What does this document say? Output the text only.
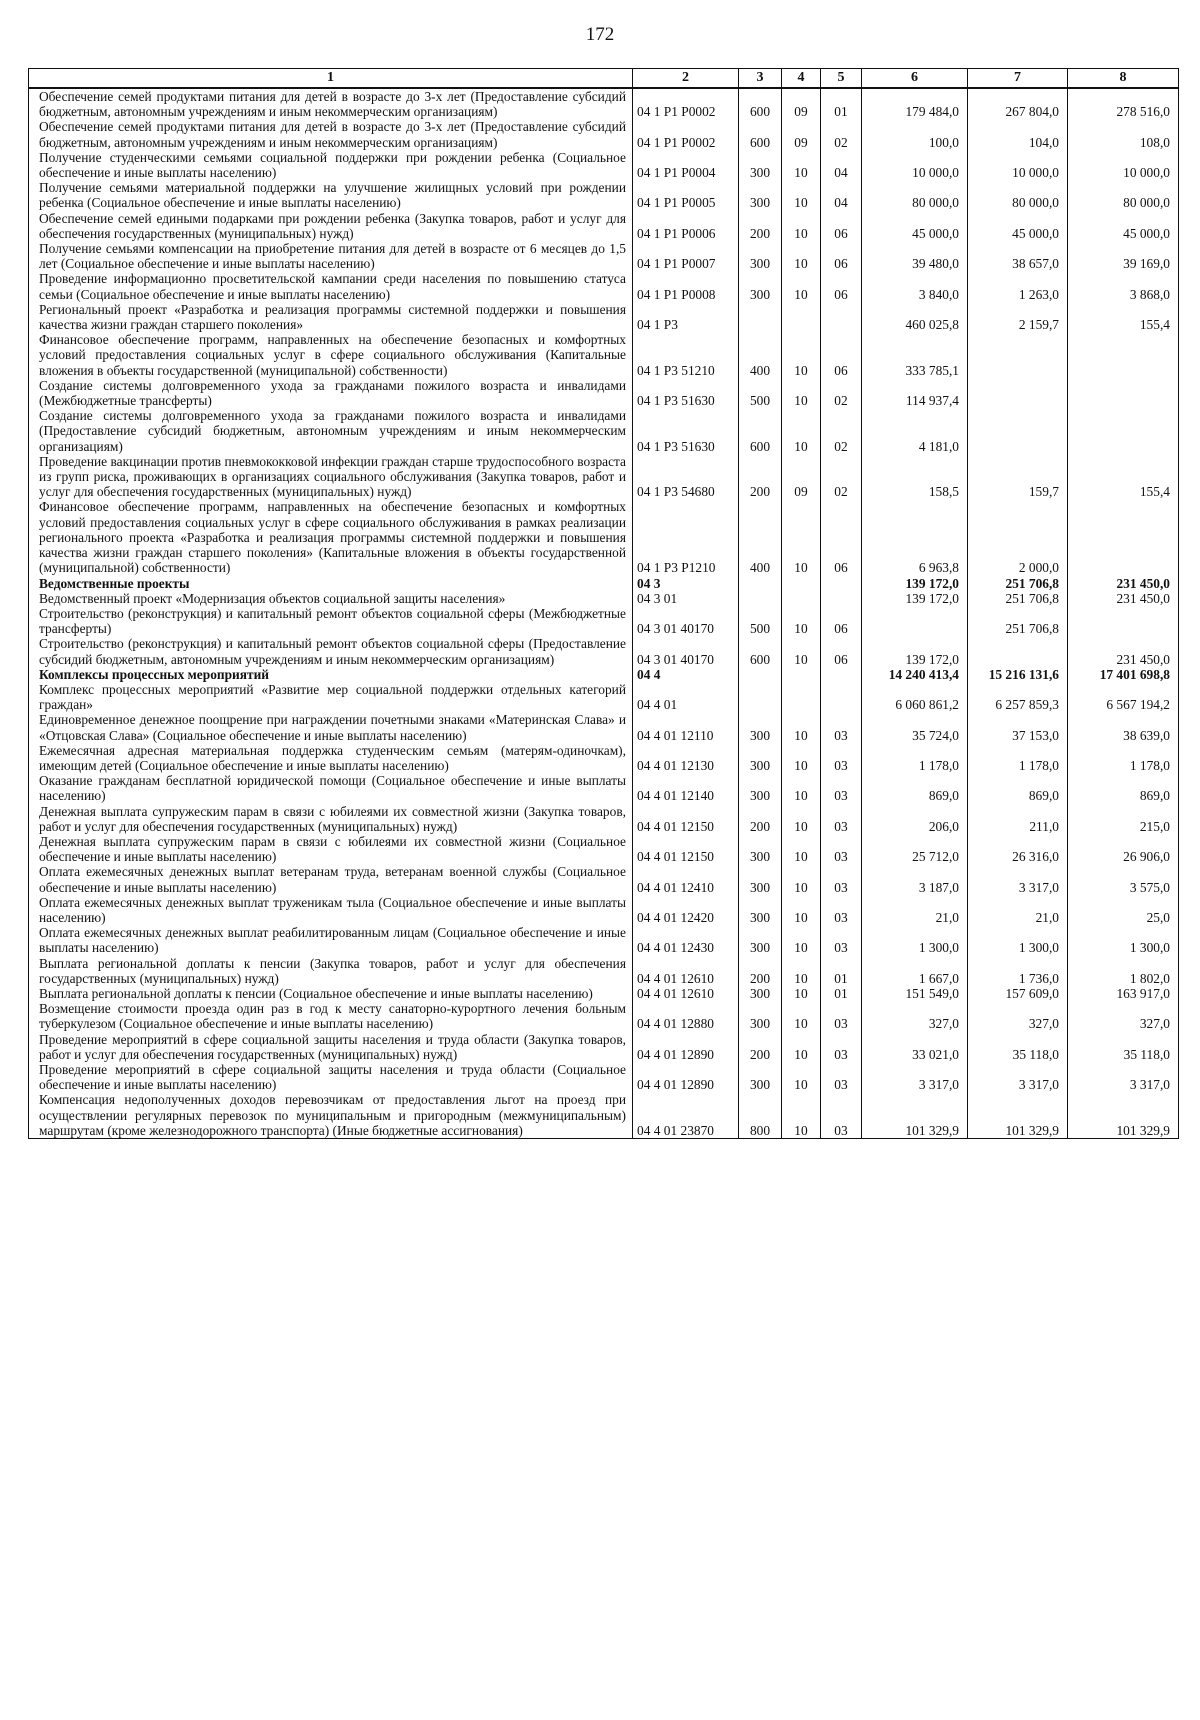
172
1	2	3	4	5	6	7	8
Обеспечение семей продуктами питания для детей в возрасте до 3-х лет (Предоставление субсидий бюджетным, автономным учреждениям и иным некоммерческим организациям)	04 1 Р1 Р0002	600	09	01	179 484,0	267 804,0	278 516,0
Обеспечение семей продуктами питания для детей в возрасте до 3-х лет (Предоставление субсидий бюджетным, автономным учреждениям и иным некоммерческим организациям)	04 1 Р1 Р0002	600	09	02	100,0	104,0	108,0
Получение студенческими семьями социальной поддержки при рождении ребенка (Социальное обеспечение и иные выплаты населению)	04 1 Р1 Р0004	300	10	04	10 000,0	10 000,0	10 000,0
Получение семьями материальной поддержки на улучшение жилищных условий при рождении ребенка (Социальное обеспечение и иные выплаты населению)	04 1 Р1 Р0005	300	10	04	80 000,0	80 000,0	80 000,0
Обеспечение семей едиными подарками при рождении ребенка (Закупка товаров, работ и услуг для обеспечения государственных (муниципальных) нужд)	04 1 Р1 Р0006	200	10	06	45 000,0	45 000,0	45 000,0
Получение семьями компенсации на приобретение питания для детей в возрасте от 6 месяцев до 1,5 лет (Социальное обеспечение и иные выплаты населению)	04 1 Р1 Р0007	300	10	06	39 480,0	38 657,0	39 169,0
Проведение информационно просветительской кампании среди населения по повышению статуса семьи (Социальное обеспечение и иные выплаты населению)	04 1 Р1 Р0008	300	10	06	3 840,0	1 263,0	3 868,0
Региональный проект «Разработка и реализация программы системной поддержки и повышения качества жизни граждан старшего поколения»	04 1 Р3				460 025,8	2 159,7	155,4
Финансовое обеспечение программ, направленных на обеспечение безопасных и комфортных условий предоставления социальных услуг в сфере социального обслуживания (Капитальные вложения в объекты государственной (муниципальной) собственности)	04 1 Р3 51210	400	10	06	333 785,1		
Создание системы долговременного ухода за гражданами пожилого возраста и инвалидами (Межбюджетные трансферты)	04 1 Р3 51630	500	10	02	114 937,4		
Создание системы долговременного ухода за гражданами пожилого возраста и инвалидами (Предоставление субсидий бюджетным, автономным учреждениям и иным некоммерческим организациям)	04 1 Р3 51630	600	10	02	4 181,0		
Проведение вакцинации против пневмококковой инфекции граждан старше трудоспособного возраста из групп риска, проживающих в организациях социального обслуживания (Закупка товаров, работ и услуг для обеспечения государственных (муниципальных) нужд)	04 1 Р3 54680	200	09	02	158,5	159,7	155,4
Финансовое обеспечение программ, направленных на обеспечение безопасных и комфортных условий предоставления социальных услуг в сфере социального обслуживания в рамках реализации регионального проекта «Разработка и реализация программы системной поддержки и повышения качества жизни граждан старшего поколения» (Капитальные вложения в объекты государственной (муниципальной) собственности)	04 1 Р3 Р1210	400	10	06	6 963,8	2 000,0	
Ведомственные проекты	04 3				139 172,0	251 706,8	231 450,0
Ведомственный проект «Модернизация объектов социальной защиты населения»	04 3 01				139 172,0	251 706,8	231 450,0
Строительство (реконструкция) и капитальный ремонт объектов социальной сферы (Межбюджетные трансферты)	04 3 01 40170	500	10	06		251 706,8	
Строительство (реконструкция) и капитальный ремонт объектов социальной сферы (Предоставление субсидий бюджетным, автономным учреждениям и иным некоммерческим организациям)	04 3 01 40170	600	10	06	139 172,0		231 450,0
Комплексы процессных мероприятий	04 4				14 240 413,4	15 216 131,6	17 401 698,8
Комплекс процессных мероприятий «Развитие мер социальной поддержки отдельных категорий граждан»	04 4 01				6 060 861,2	6 257 859,3	6 567 194,2
Единовременное денежное поощрение при награждении почетными знаками «Материнская Слава» и «Отцовская Слава» (Социальное обеспечение и иные выплаты населению)	04 4 01 12110	300	10	03	35 724,0	37 153,0	38 639,0
Ежемесячная адресная материальная поддержка студенческим семьям (матерям-одиночкам), имеющим детей (Социальное обеспечение и иные выплаты населению)	04 4 01 12130	300	10	03	1 178,0	1 178,0	1 178,0
Оказание гражданам бесплатной юридической помощи (Социальное обеспечение и иные выплаты населению)	04 4 01 12140	300	10	03	869,0	869,0	869,0
Денежная выплата супружеским парам в связи с юбилеями их совместной жизни (Закупка товаров, работ и услуг для обеспечения государственных (муниципальных) нужд)	04 4 01 12150	200	10	03	206,0	211,0	215,0
Денежная выплата супружеским парам в связи с юбилеями их совместной жизни (Социальное обеспечение и иные выплаты населению)	04 4 01 12150	300	10	03	25 712,0	26 316,0	26 906,0
Оплата ежемесячных денежных выплат ветеранам труда, ветеранам военной службы (Социальное обеспечение и иные выплаты населению)	04 4 01 12410	300	10	03	3 187,0	3 317,0	3 575,0
Оплата ежемесячных денежных выплат труженикам тыла (Социальное обеспечение и иные выплаты населению)	04 4 01 12420	300	10	03	21,0	21,0	25,0
Оплата ежемесячных денежных выплат реабилитированным лицам (Социальное обеспечение и иные выплаты населению)	04 4 01 12430	300	10	03	1 300,0	1 300,0	1 300,0
Выплата региональной доплаты к пенсии (Закупка товаров, работ и услуг для обеспечения государственных (муниципальных) нужд)	04 4 01 12610	200	10	01	1 667,0	1 736,0	1 802,0
Выплата региональной доплаты к пенсии (Социальное обеспечение и иные выплаты населению)	04 4 01 12610	300	10	01	151 549,0	157 609,0	163 917,0
Возмещение стоимости проезда один раз в год к месту санаторно-курортного лечения больным туберкулезом (Социальное обеспечение и иные выплаты населению)	04 4 01 12880	300	10	03	327,0	327,0	327,0
Проведение мероприятий в сфере социальной защиты населения и труда области (Закупка товаров, работ и услуг для обеспечения государственных (муниципальных) нужд)	04 4 01 12890	200	10	03	33 021,0	35 118,0	35 118,0
Проведение мероприятий в сфере социальной защиты населения и труда области (Социальное обеспечение и иные выплаты населению)	04 4 01 12890	300	10	03	3 317,0	3 317,0	3 317,0
Компенсация недополученных доходов перевозчикам от предоставления льгот на проезд при осуществлении регулярных перевозок по муниципальным и пригородным (межмуниципальным) маршрутам (кроме железнодорожного транспорта) (Иные бюджетные ассигнования)	04 4 01 23870	800	10	03	101 329,9	101 329,9	101 329,9
